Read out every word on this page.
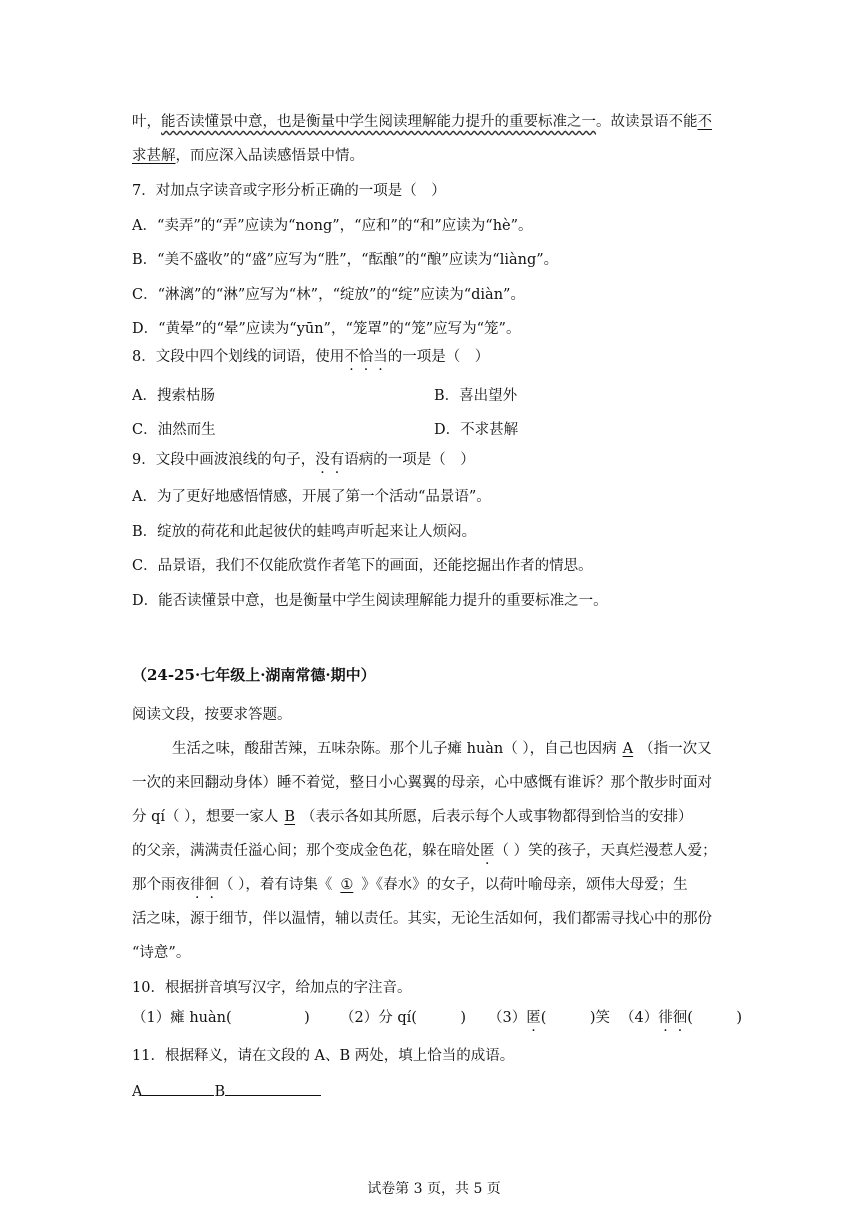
叶，能否读懂景中意，也是衡量中学生阅读理解能力提升的重要标准之一。故读景语不能不
求甚解，而应深入品读感悟景中情。
7．对加点字读音或字形分析正确的一项是（　）
A．“卖弄”的“弄”应读为“nong”，“应和”的“和”应读为“hè”。
B．“美不盛收”的“盛”应写为“胜”，“酝酿”的“酿”应读为“liàng”。
C．“淋漓”的“淋”应写为“林”，“绽放”的“绽”应读为“diàn”。
D．“黄晕”的“晕”应读为“yūn”，“笼罩”的“笼”应写为“笼”。
8．文段中四个划线的词语，使用不恰当的一项是（　）
A．搜索枯肠	B．喜出望外
C．油然而生	D．不求甚解
9．文段中画波浪线的句子，没有语病的一项是（　）
A．为了更好地感悟情感，开展了第一个活动“品景语”。
B．绽放的荷花和此起彼伏的蛙鸣声听起来让人烦闷。
C．品景语，我们不仅能欣赏作者笔下的画面，还能挖掘出作者的情思。
D．能否读懂景中意，也是衡量中学生阅读理解能力提升的重要标准之一。
（24-25·七年级上·湖南常德·期中）
阅读文段，按要求答题。
生活之味，酸甜苦辣，五味杂陈。那个儿子瘫 huàn（ ），自己也因病 A （指一次又
一次的来回翻动身体）睡不着觉，整日小心翼翼的母亲，心中感慨有谁诉？那个散步时面对
分 qí（ ），想要一家人 B （表示各如其所愿，后表示每个人或事物都得到恰当的安排）
的父亲，满满责任溢心间；那个变成金色花，躲在暗处匿（ ）笑的孩子，天真烂漫惹人爱；
那个雨夜徘徊（ ），着有诗集《 ① 》《春水》的女子，以荷叶喻母亲，颂伟大母爱；生
活之味，源于细节，伴以温情，辅以责任。其实，无论生活如何，我们都需寻找心中的那份
“诗意”。
10．根据拼音填写汉字，给加点的字注音。
（1）瘫 huàn(　　　　　) （2）分 qí(　　　) （3）匿(　　　)笑 （4）徘徊(　　　)
11．根据释义，请在文段的 A、B 两处，填上恰当的成语。
A	B
试卷第 3 页，共 5 页
